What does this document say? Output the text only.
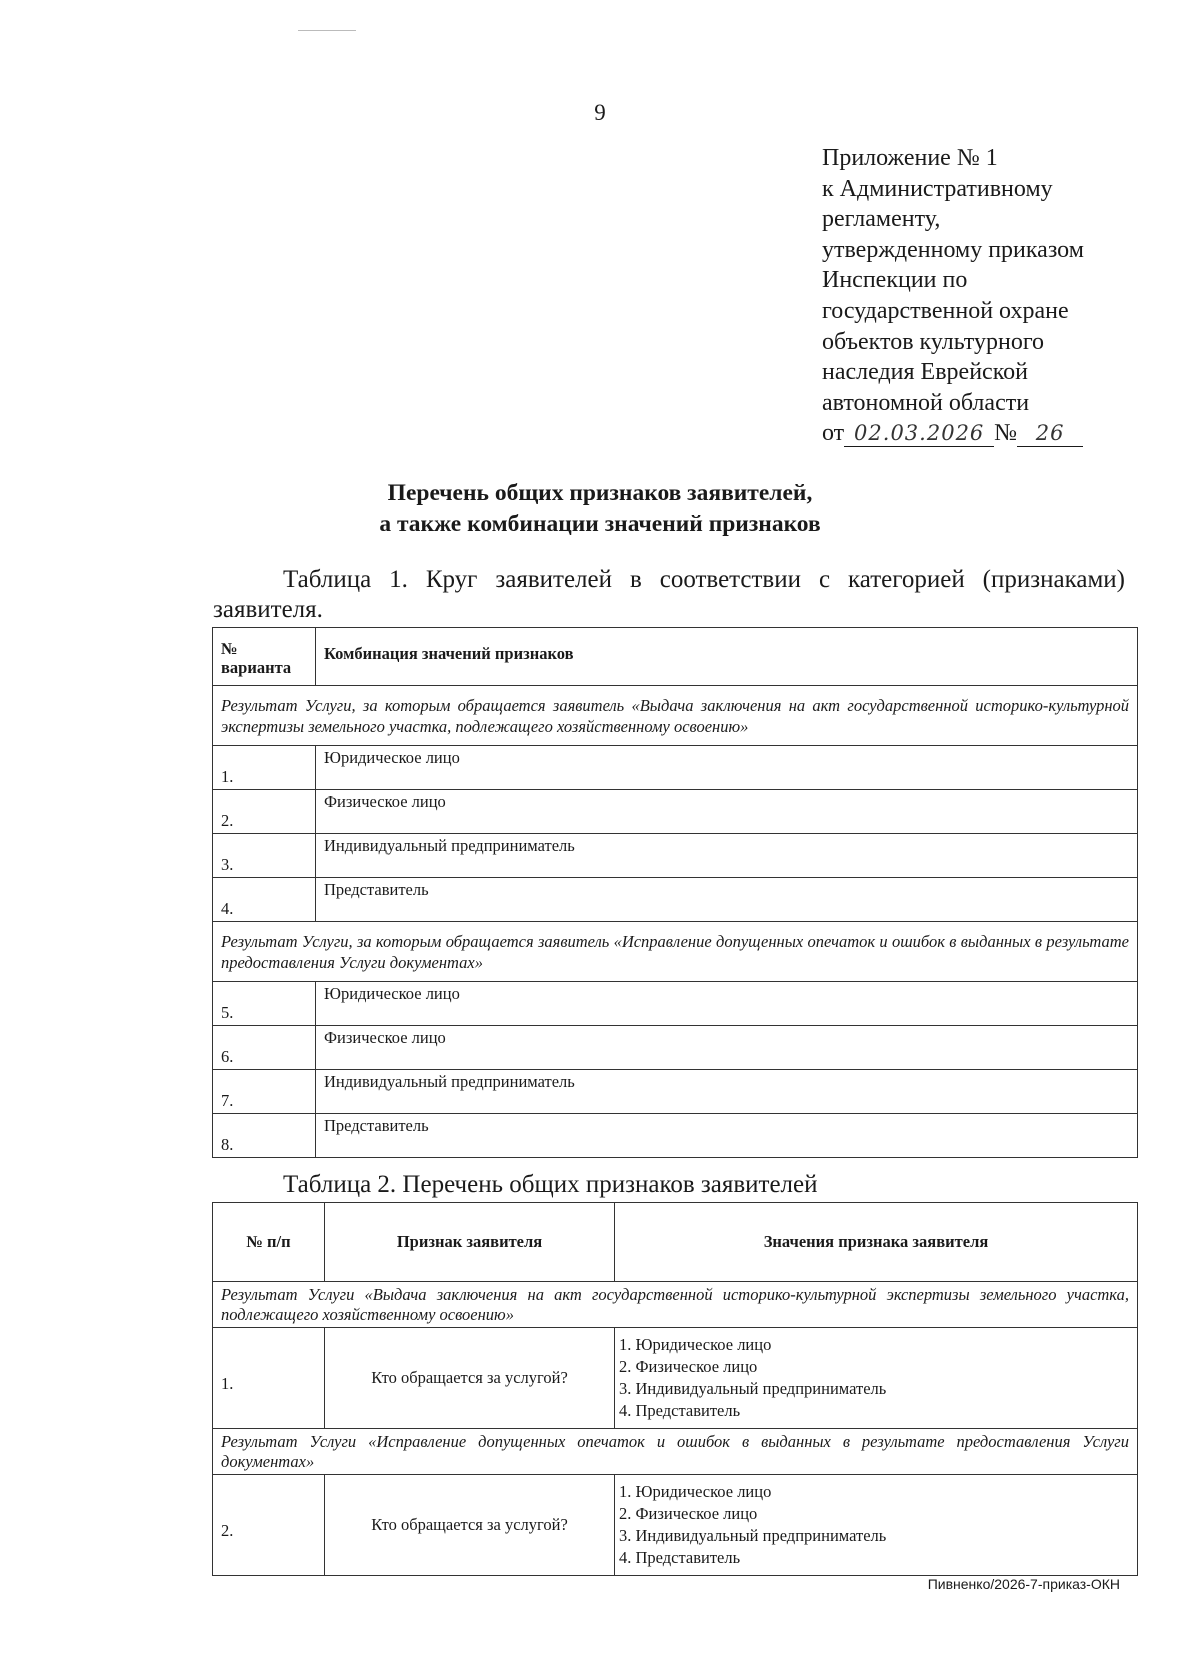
9
Приложение № 1
к Административному
регламенту,
утвержденному приказом
Инспекции по
государственной охране
объектов культурного
наследия Еврейской
автономной области
от 02.03.2026 № 26
Перечень общих признаков заявителей,
а также комбинации значений признаков
Таблица 1. Круг заявителей в соответствии с категорией (признаками) заявителя.
№ варианта	Комбинация значений признаков
Результат Услуги, за которым обращается заявитель «Выдача заключения на акт государственной историко-культурной экспертизы земельного участка, подлежащего хозяйственному освоению»	
1.	Юридическое лицо
2.	Физическое лицо
3.	Индивидуальный предприниматель
4.	Представитель
Результат Услуги, за которым обращается заявитель «Исправление допущенных опечаток и ошибок в выданных в результате предоставления Услуги документах»	
5.	Юридическое лицо
6.	Физическое лицо
7.	Индивидуальный предприниматель
8.	Представитель
Таблица 2. Перечень общих признаков заявителей
№ п/п	Признак заявителя	Значения признака заявителя
Результат Услуги «Выдача заключения на акт государственной историко-культурной экспертизы земельного участка, подлежащего хозяйственному освоению»		
1.	Кто обращается за услугой?	1. Юридическое лицо
2. Физическое лицо
3. Индивидуальный предприниматель
4. Представитель

Результат Услуги «Исправление допущенных опечаток и ошибок в выданных в результате предоставления Услуги документах»		
2.	Кто обращается за услугой?	1. Юридическое лицо
2. Физическое лицо
3. Индивидуальный предприниматель
4. Представитель
Пивненко/2026-7-приказ-ОКН
